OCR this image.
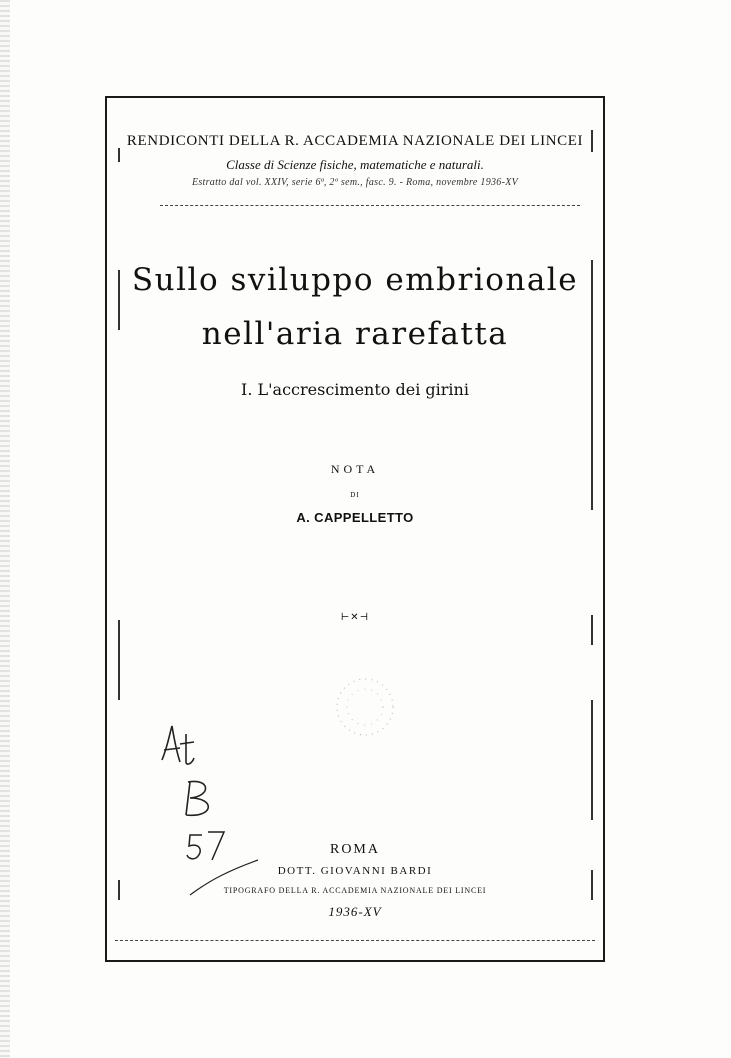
RENDICONTI DELLA R. ACCADEMIA NAZIONALE DEI LINCEI
Classe di Scienze fisiche, matematiche e naturali.
Estratto dal vol. XXIV, serie 6ª, 2º sem., fasc. 9. - Roma, novembre 1936-XV
Sullo sviluppo embrionale
nell'aria rarefatta
I. L'accrescimento dei girini
NOTA
DI
A. CAPPELLETTO
⊢✕⊣
ROMA
DOTT. GIOVANNI BARDI
TIPOGRAFO DELLA R. ACCADEMIA NAZIONALE DEI LINCEI
1936-XV
